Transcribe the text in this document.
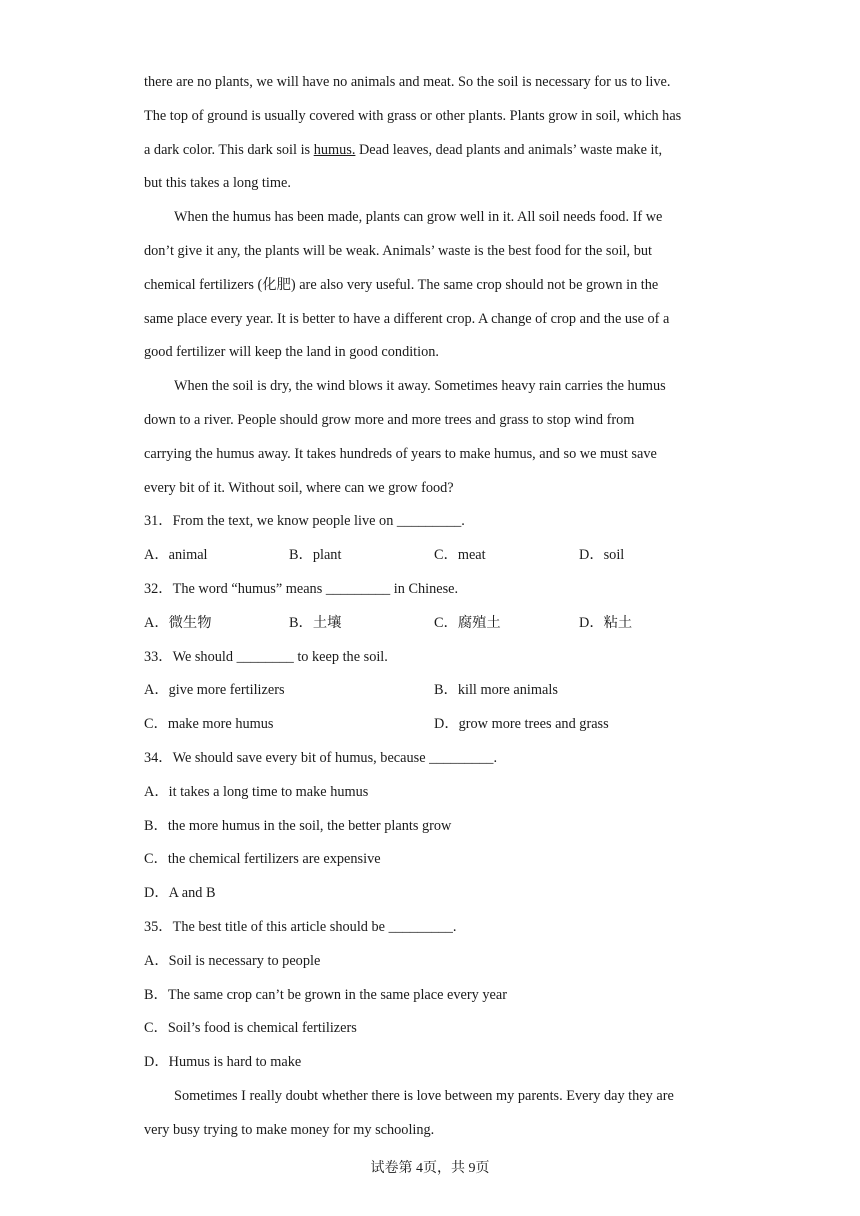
there are no plants, we will have no animals and meat. So the soil is necessary for us to live.
The top of ground is usually covered with grass or other plants. Plants grow in soil, which has
a dark color. This dark soil is humus. Dead leaves, dead plants and animals’ waste make it,
but this takes a long time.
When the humus has been made, plants can grow well in it. All soil needs food. If we
don’t give it any, the plants will be weak. Animals’ waste is the best food for the soil, but
chemical fertilizers (化肥) are also very useful. The same crop should not be grown in the
same place every year. It is better to have a different crop. A change of crop and the use of a
good fertilizer will keep the land in good condition.
When the soil is dry, the wind blows it away. Sometimes heavy rain carries the humus
down to a river. People should grow more and more trees and grass to stop wind from
carrying the humus away. It takes hundreds of years to make humus, and so we must save
every bit of it. Without soil, where can we grow food?
31．From the text, we know people live on _________.
A．animal	B．plant	C．meat	D．soil
32．The word “humus” means _________ in Chinese.
A．微生物	B．土壤	C．腐殖土	D．粘土
33．We should ________ to keep the soil.
A．give more fertilizers	B．kill more animals
C．make more humus	D．grow more trees and grass
34．We should save every bit of humus, because _________.
A．it takes a long time to make humus
B．the more humus in the soil, the better plants grow
C．the chemical fertilizers are expensive
D．A and B
35．The best title of this article should be _________.
A．Soil is necessary to people
B．The same crop can’t be grown in the same place every year
C．Soil’s food is chemical fertilizers
D．Humus is hard to make
Sometimes I really doubt whether there is love between my parents. Every day they are
very busy trying to make money for my schooling.
试卷第 4页，共 9页
